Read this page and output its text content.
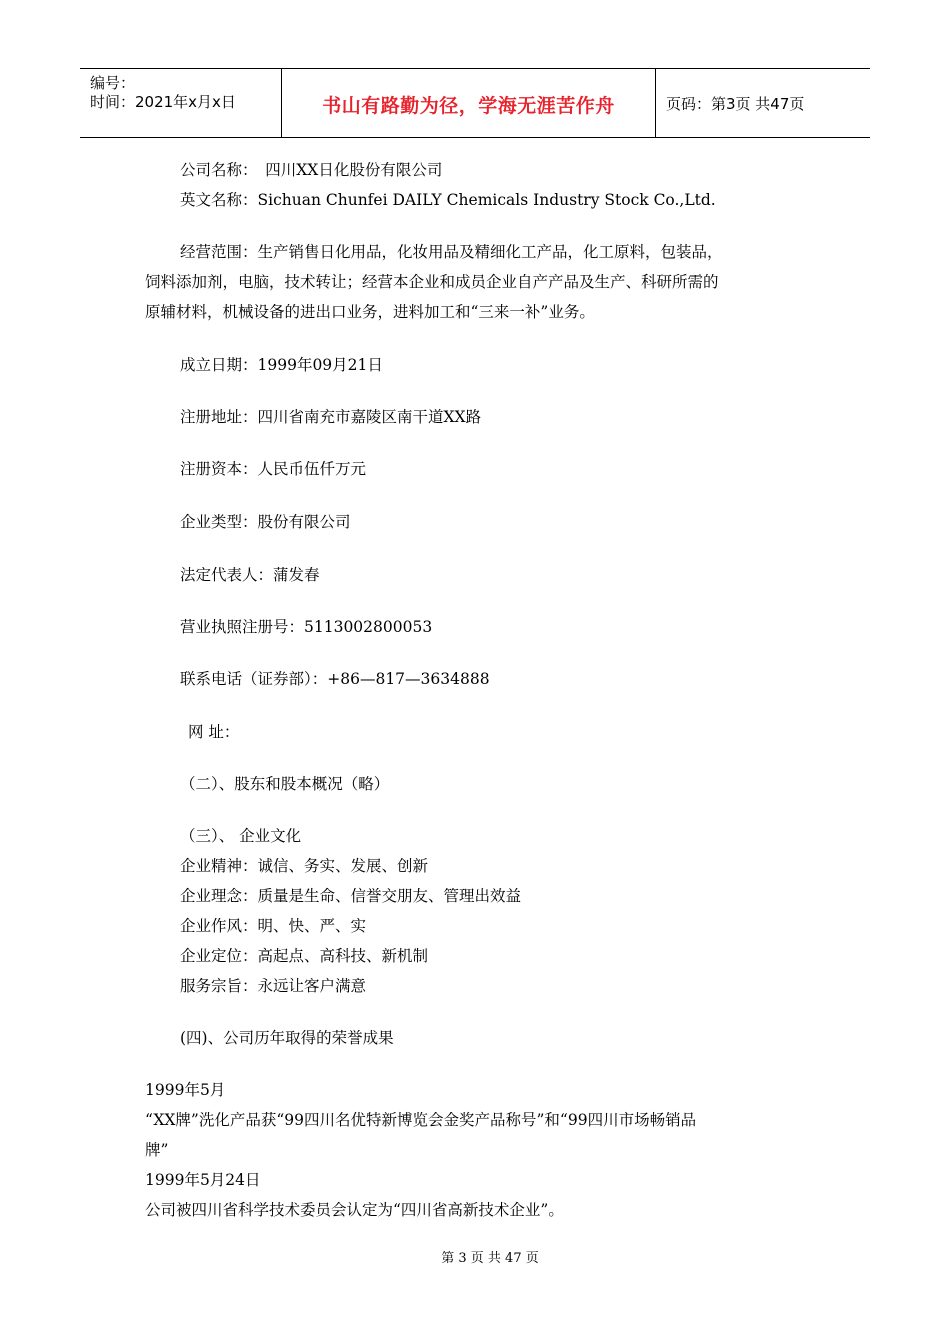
编号：
时间：2021年x月x日	书山有路勤为径，学海无涯苦作舟	页码：第3页 共47页
公司名称：　四川XX日化股份有限公司
英文名称：Sichuan Chunfei DAILY Chemicals Industry Stock Co.,Ltd.
经营范围：生产销售日化用品，化妆用品及精细化工产品，化工原料，包装品，
饲料添加剂，电脑，技术转让；经营本企业和成员企业自产产品及生产、科研所需的
原辅材料，机械设备的进出口业务，进料加工和“三来一补”业务。
成立日期：1999年09月21日
注册地址：四川省南充市嘉陵区南干道XX路
注册资本：人民币伍仟万元
企业类型：股份有限公司
法定代表人：蒲发春
营业执照注册号：5113002800053
联系电话（证券部）：+86—817—3634888
网 址：
（二）、股东和股本概况（略）
（三）、 企业文化
企业精神：诚信、务实、发展、创新
企业理念：质量是生命、信誉交朋友、管理出效益
企业作风：明、快、严、实
企业定位：高起点、高科技、新机制
服务宗旨：永远让客户满意
(四)、公司历年取得的荣誉成果
1999年5月
“XX牌”洗化产品获“99四川名优特新博览会金奖产品称号”和“99四川市场畅销品
牌”
1999年5月24日
公司被四川省科学技术委员会认定为“四川省高新技术企业”。
第 3 页 共 47 页
